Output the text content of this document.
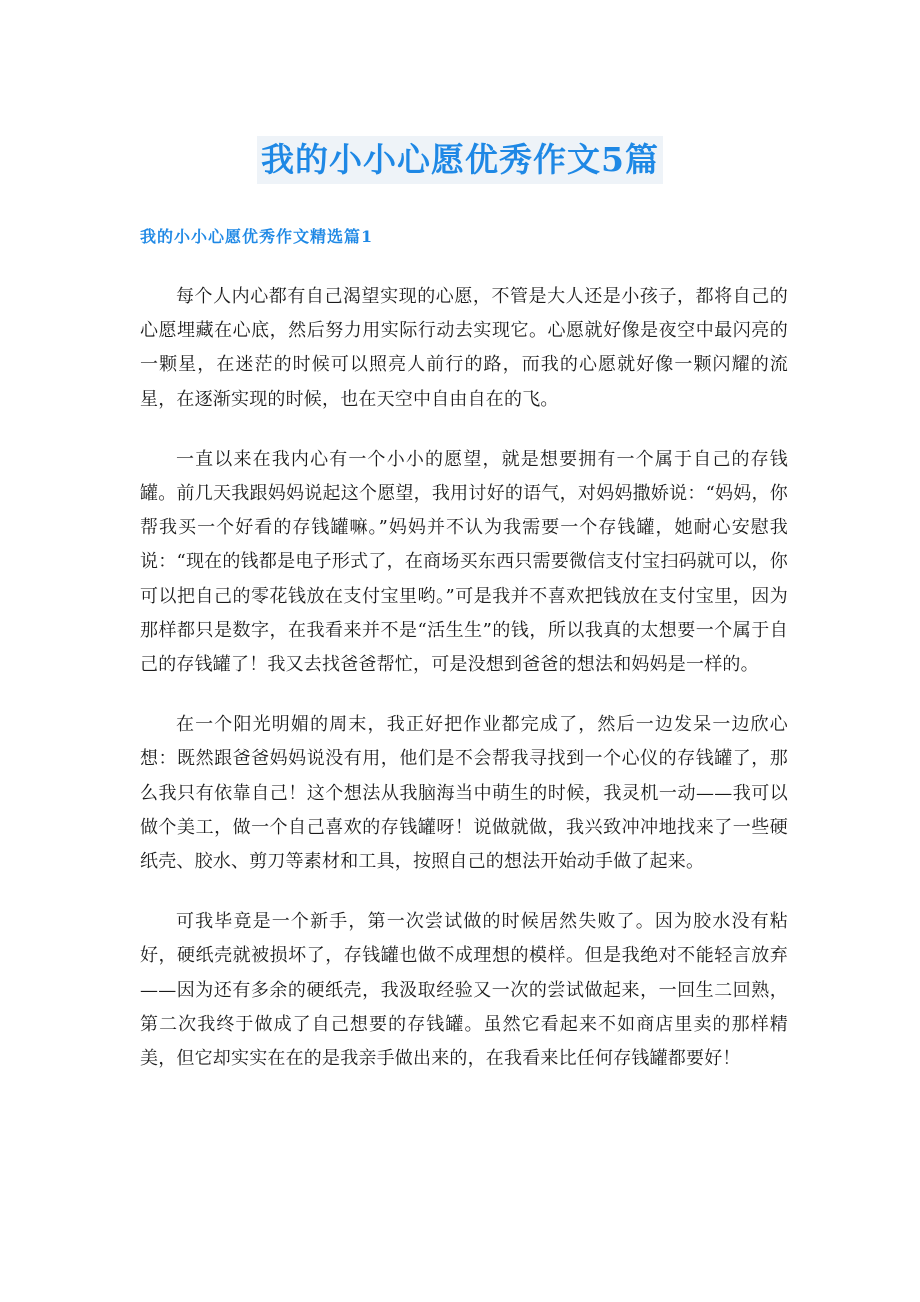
我的小小心愿优秀作文5篇
我的小小心愿优秀作文精选篇1

每个人内心都有自己渴望实现的心愿，不管是大人还是小孩子，都将自己的心愿埋藏在心底，然后努力用实际行动去实现它。心愿就好像是夜空中最闪亮的一颗星，在迷茫的时候可以照亮人前行的路，而我的心愿就好像一颗闪耀的流星，在逐渐实现的时候，也在天空中自由自在的飞。

一直以来在我内心有一个小小的愿望，就是想要拥有一个属于自己的存钱罐。前几天我跟妈妈说起这个愿望，我用讨好的语气，对妈妈撒娇说：“妈妈，你帮我买一个好看的存钱罐嘛。”妈妈并不认为我需要一个存钱罐，她耐心安慰我说：“现在的钱都是电子形式了，在商场买东西只需要微信支付宝扫码就可以，你可以把自己的零花钱放在支付宝里哟。”可是我并不喜欢把钱放在支付宝里，因为那样都只是数字，在我看来并不是“活生生”的钱，所以我真的太想要一个属于自己的存钱罐了！我又去找爸爸帮忙，可是没想到爸爸的想法和妈妈是一样的。

在一个阳光明媚的周末，我正好把作业都完成了，然后一边发呆一边欣心想：既然跟爸爸妈妈说没有用，他们是不会帮我寻找到一个心仪的存钱罐了，那么我只有依靠自己！这个想法从我脑海当中萌生的时候，我灵机一动——我可以做个美工，做一个自己喜欢的存钱罐呀！说做就做，我兴致冲冲地找来了一些硬纸壳、胶水、剪刀等素材和工具，按照自己的想法开始动手做了起来。

可我毕竟是一个新手，第一次尝试做的时候居然失败了。因为胶水没有粘好，硬纸壳就被损坏了，存钱罐也做不成理想的模样。但是我绝对不能轻言放弃——因为还有多余的硬纸壳，我汲取经验又一次的尝试做起来，一回生二回熟，第二次我终于做成了自己想要的存钱罐。虽然它看起来不如商店里卖的那样精美，但它却实实在在的是我亲手做出来的，在我看来比任何存钱罐都要好！
